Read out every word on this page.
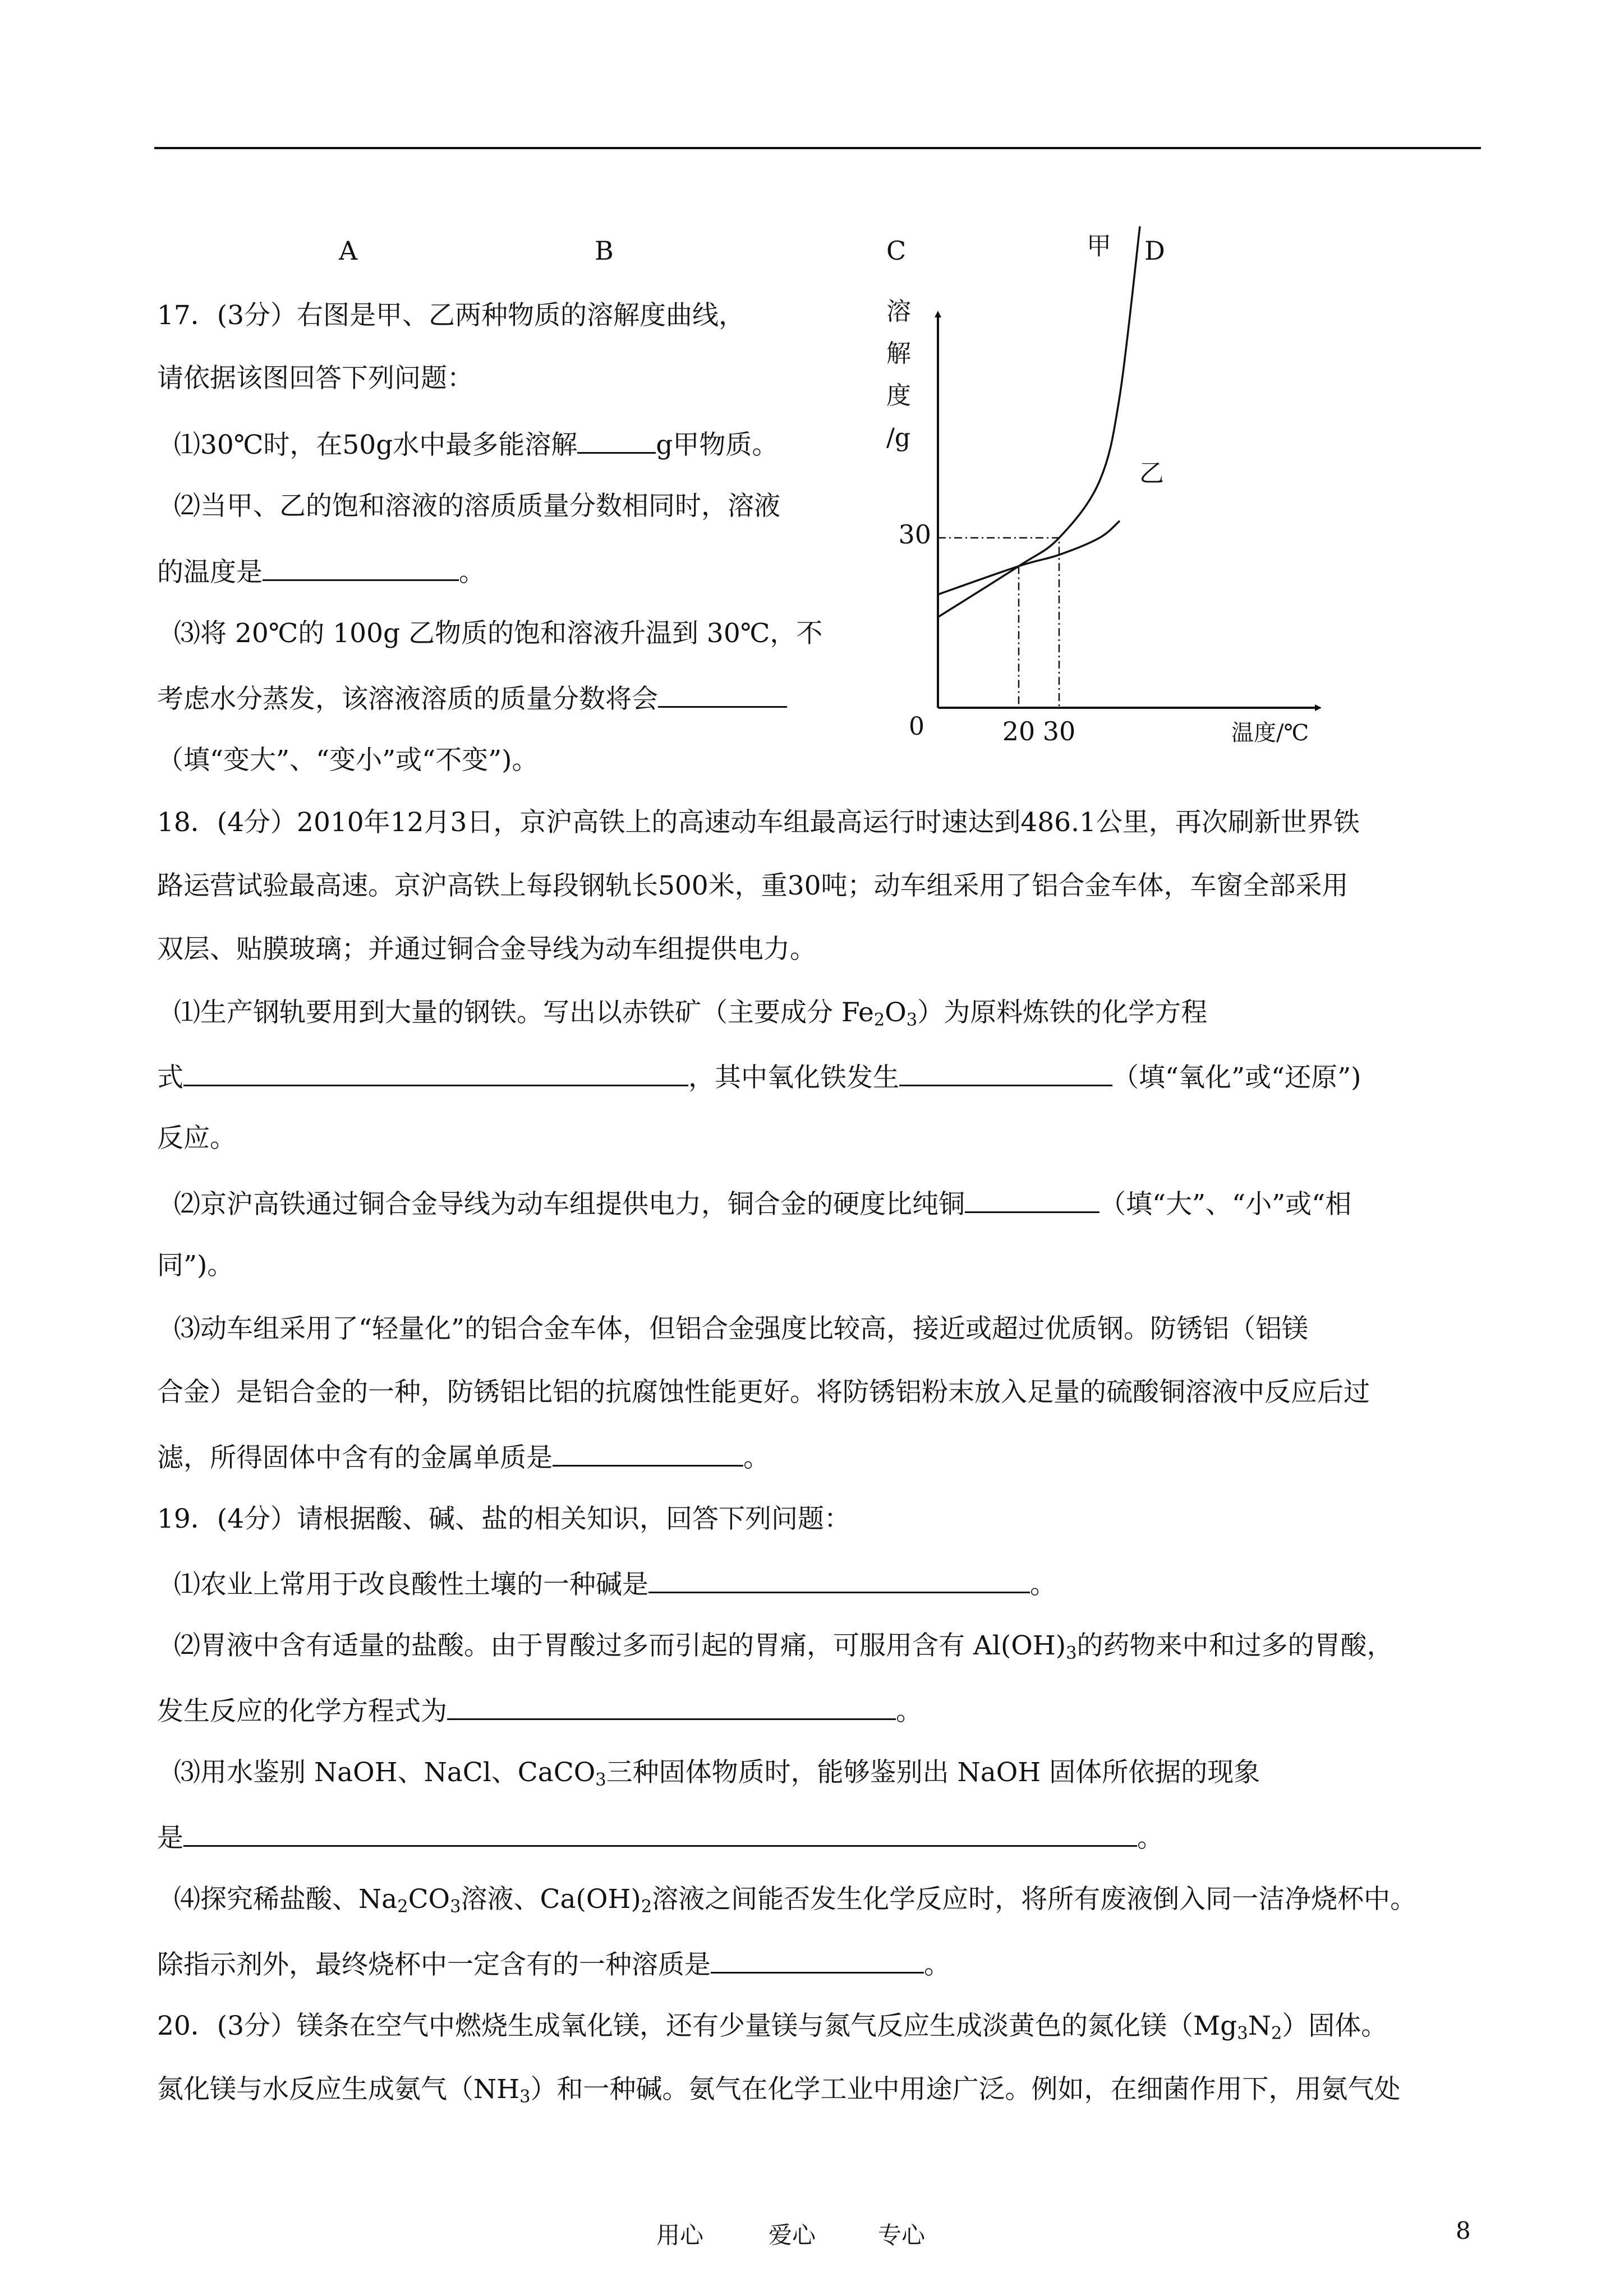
A	B	C	D
17．(3分）右图是甲、乙两种物质的溶解度曲线，
请依据该图回答下列问题：
⑴30℃时，在50g水中最多能溶解	g甲物质。
⑵当甲、乙的饱和溶液的溶质质量分数相同时，溶液
的温度是	。
⑶将 20℃的 100g 乙物质的饱和溶液升温到 30℃，不
考虑水分蒸发，该溶液溶质的质量分数将会
（填“变大”、“变小”或“不变”)。
甲
乙
溶
解
度
/g
温度/℃
0	20 30
30
18．(4分）2010年12月3日，京沪高铁上的高速动车组最高运行时速达到486.1公里，再次刷新世界铁
路运营试验最高速。京沪高铁上每段钢轨长500米，重30吨；动车组采用了铝合金车体，车窗全部采用
双层、贴膜玻璃；并通过铜合金导线为动车组提供电力。
⑴生产钢轨要用到大量的钢铁。写出以赤铁矿（主要成分 $Fe_2O_3$）为原料炼铁的化学方程
式	，其中氧化铁发生	（填“氧化”或“还原”)
反应。
⑵京沪高铁通过铜合金导线为动车组提供电力，铜合金的硬度比纯铜	（填“大”、“小”或“相
同”)。
⑶动车组采用了“轻量化”的铝合金车体，但铝合金强度比较高，接近或超过优质钢。防锈铝（铝镁
合金）是铝合金的一种，防锈铝比铝的抗腐蚀性能更好。将防锈铝粉末放入足量的硫酸铜溶液中反应后过
滤，所得固体中含有的金属单质是	。
19．(4分）请根据酸、碱、盐的相关知识，回答下列问题：
⑴农业上常用于改良酸性土壤的一种碱是	。
⑵胃液中含有适量的盐酸。由于胃酸过多而引起的胃痛，可服用含有 $Al(OH)_3$的药物来中和过多的胃酸，
发生反应的化学方程式为	。
⑶用水鉴别 NaOH、NaCl、CaCO$_3$三种固体物质时，能够鉴别出 NaOH 固体所依据的现象
是	。
⑷探究稀盐酸、$Na_2CO_3$溶液、$Ca(OH)_2$溶液之间能否发生化学反应时，将所有废液倒入同一洁净烧杯中。
除指示剂外，最终烧杯中一定含有的一种溶质是	。
20．(3分）镁条在空气中燃烧生成氧化镁，还有少量镁与氮气反应生成淡黄色的氮化镁$(Mg_3N_2)$固体。
氮化镁与水反应生成氨气$(NH_3)$和一种碱。氨气在化学工业中用途广泛。例如，在细菌作用下，用氨气处
用心	爱心	专心	8
